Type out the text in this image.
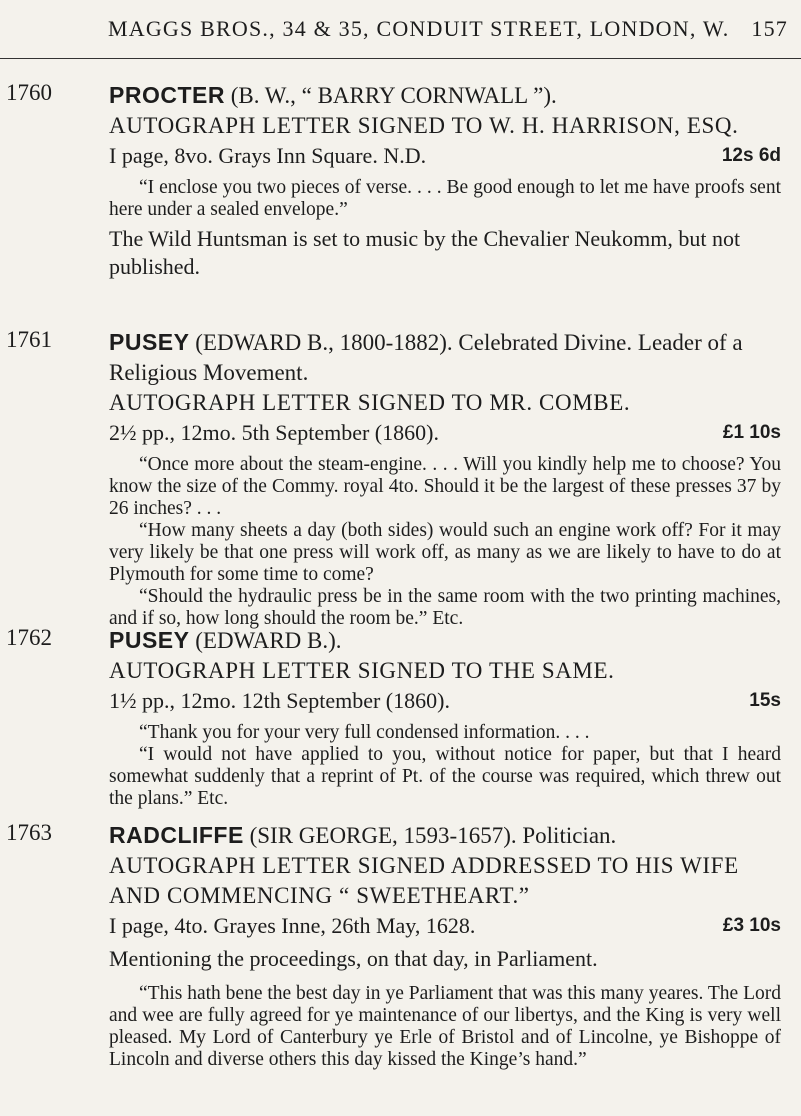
MAGGS BROS., 34 & 35, CONDUIT STREET, LONDON, W. 157
1760 PROCTER (B. W., “ BARRY CORNWALL ”).
AUTOGRAPH LETTER SIGNED TO W. H. HARRISON, ESQ.
I page, 8vo. Grays Inn Square. N.D.	12s 6d

“I enclose you two pieces of verse. . . . Be good enough to let me have proofs sent here under a sealed envelope.”

The Wild Huntsman is set to music by the Chevalier Neukomm, but not published.
1761 PUSEY (EDWARD B., 1800-1882). Celebrated Divine. Leader of a Religious Movement.
AUTOGRAPH LETTER SIGNED TO MR. COMBE.
2½ pp., 12mo. 5th September (1860).	£1 10s

“Once more about the steam-engine. . . . Will you kindly help me to choose? You know the size of the Commy. royal 4to. Should it be the largest of these presses 37 by 26 inches? . . .

“How many sheets a day (both sides) would such an engine work off? For it may very likely be that one press will work off, as many as we are likely to have to do at Plymouth for some time to come?

“Should the hydraulic press be in the same room with the two printing machines, and if so, how long should the room be.” Etc.

1762 PUSEY (EDWARD B.).
AUTOGRAPH LETTER SIGNED TO THE SAME.
1½ pp., 12mo. 12th September (1860).	15s

“Thank you for your very full condensed information. . . .

“I would not have applied to you, without notice for paper, but that I heard somewhat suddenly that a reprint of Pt. of the course was required, which threw out the plans.” Etc.

1763 RADCLIFFE (SIR GEORGE, 1593-1657). Politician.
AUTOGRAPH LETTER SIGNED ADDRESSED TO HIS WIFE AND COMMENCING “ SWEETHEART.”
I page, 4to. Grayes Inne, 26th May, 1628.	£3 10s
Mentioning the proceedings, on that day, in Parliament.

“This hath bene the best day in ye Parliament that was this many yeares. The Lord and wee are fully agreed for ye maintenance of our libertys, and the King is very well pleased. My Lord of Canterbury ye Erle of Bristol and of Lincolne, ye Bishoppe of Lincoln and diverse others this day kissed the Kinge’s hand.”
